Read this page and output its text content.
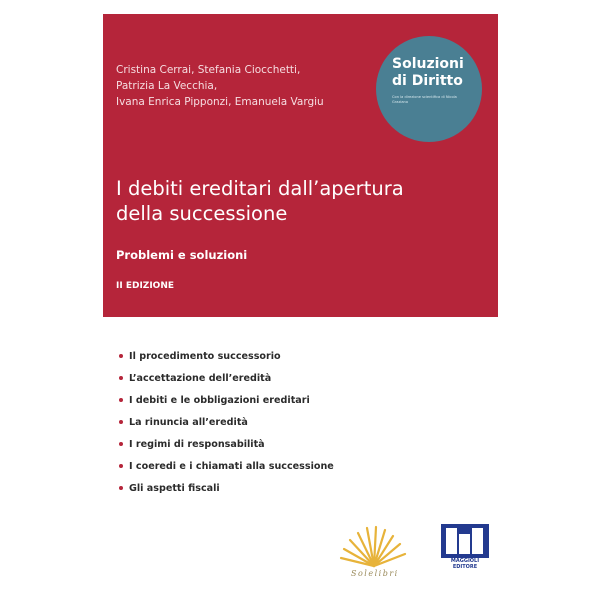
Cristina Cerrai, Stefania Ciocchetti,
Patrizia La Vecchia,
Ivana Enrica Pipponzi, Emanuela Vargiu
Soluzioni
di Diritto
Con la direzione scientifica di Nicola Graziano
I debiti ereditari dall’apertura
della successione
Problemi e soluzioni
II EDIZIONE
Il procedimento successorio
L’accettazione dell’eredità
I debiti e le obbligazioni ereditari
La rinuncia all’eredità
I regimi di responsabilità
I coeredi e i chiamati alla successione
Gli aspetti fiscali
Solelibri
MAGGIOLI
EDITORE
